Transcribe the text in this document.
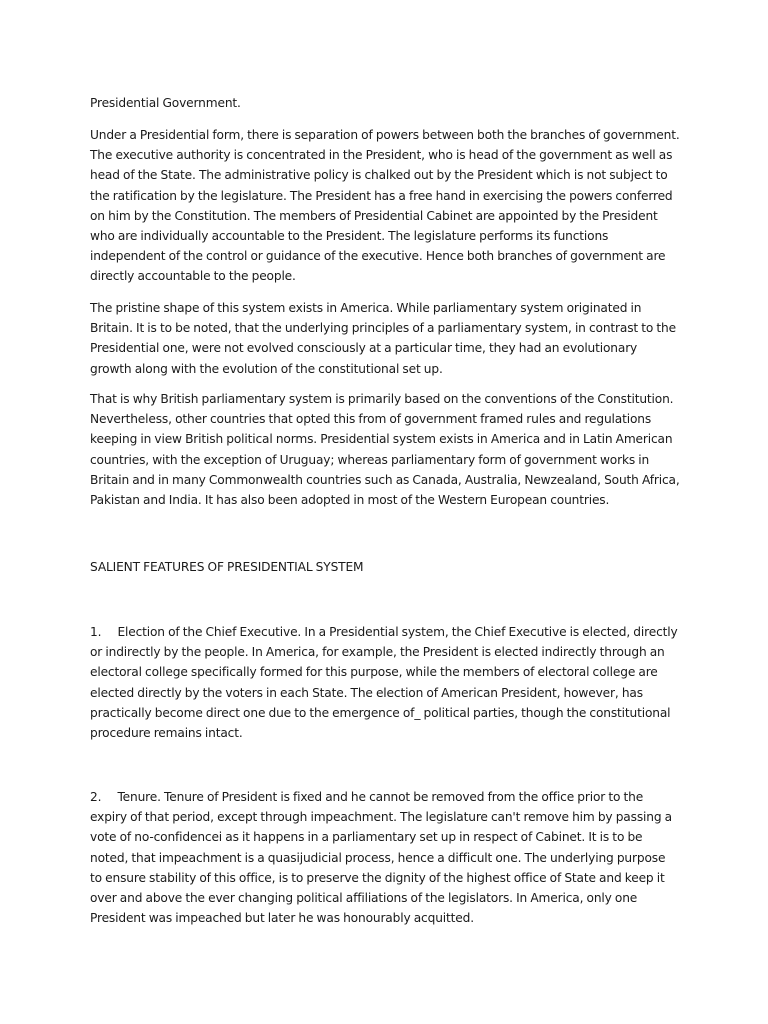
Presidential Government.

Under a Presidential form, there is separation of powers between both the branches of government. The executive authority is concentrated in the President, who is head of the government as well as head of the State. The administrative policy is chalked out by the President which is not subject to the ratification by the legislature. The President has a free hand in exercising the powers conferred on him by the Constitution. The members of Presidential Cabinet are appointed by the President who are individually accountable to the President. The legislature performs its functions independent of the control or guidance of the executive. Hence both branches of government are directly accountable to the people.

The pristine shape of this system exists in America. While parliamentary system originated in Britain. It is to be noted, that the underlying principles of a parliamentary system, in contrast to the Presidential one, were not evolved consciously at a particular time, they had an evolutionary growth along with the evolution of the constitutional set up.

That is why British parliamentary system is primarily based on the conventions of the Constitution. Nevertheless, other countries that opted this from of government framed rules and regulations keeping in view British political norms. Presidential system exists in America and in Latin American countries, with the exception of Uruguay; whereas parliamentary form of government works in Britain and in many Commonwealth countries such as Canada, Australia, Newzealand, South Africa, Pakistan and India. It has also been adopted in most of the Western European countries.

SALIENT FEATURES OF PRESIDENTIAL SYSTEM

1. Election of the Chief Executive. In a Presidential system, the Chief Executive is elected, directly or indirectly by the people. In America, for example, the President is elected indirectly through an electoral college specifically formed for this purpose, while the members of electoral college are elected directly by the voters in each State. The election of American President, however, has practically become direct one due to the emergence of_ political parties, though the constitutional procedure remains intact.

2. Tenure. Tenure of President is fixed and he cannot be removed from the office prior to the expiry of that period, except through impeachment. The legislature can't remove him by passing a vote of no-confidencei as it happens in a parliamentary set up in respect of Cabinet. It is to be noted, that impeachment is a quasijudicial process, hence a difficult one. The underlying purpose to ensure stability of this office, is to preserve the dignity of the highest office of State and keep it over and above the ever changing political affiliations of the legislators. In America, only one President was impeached but later he was honourably acquitted.
